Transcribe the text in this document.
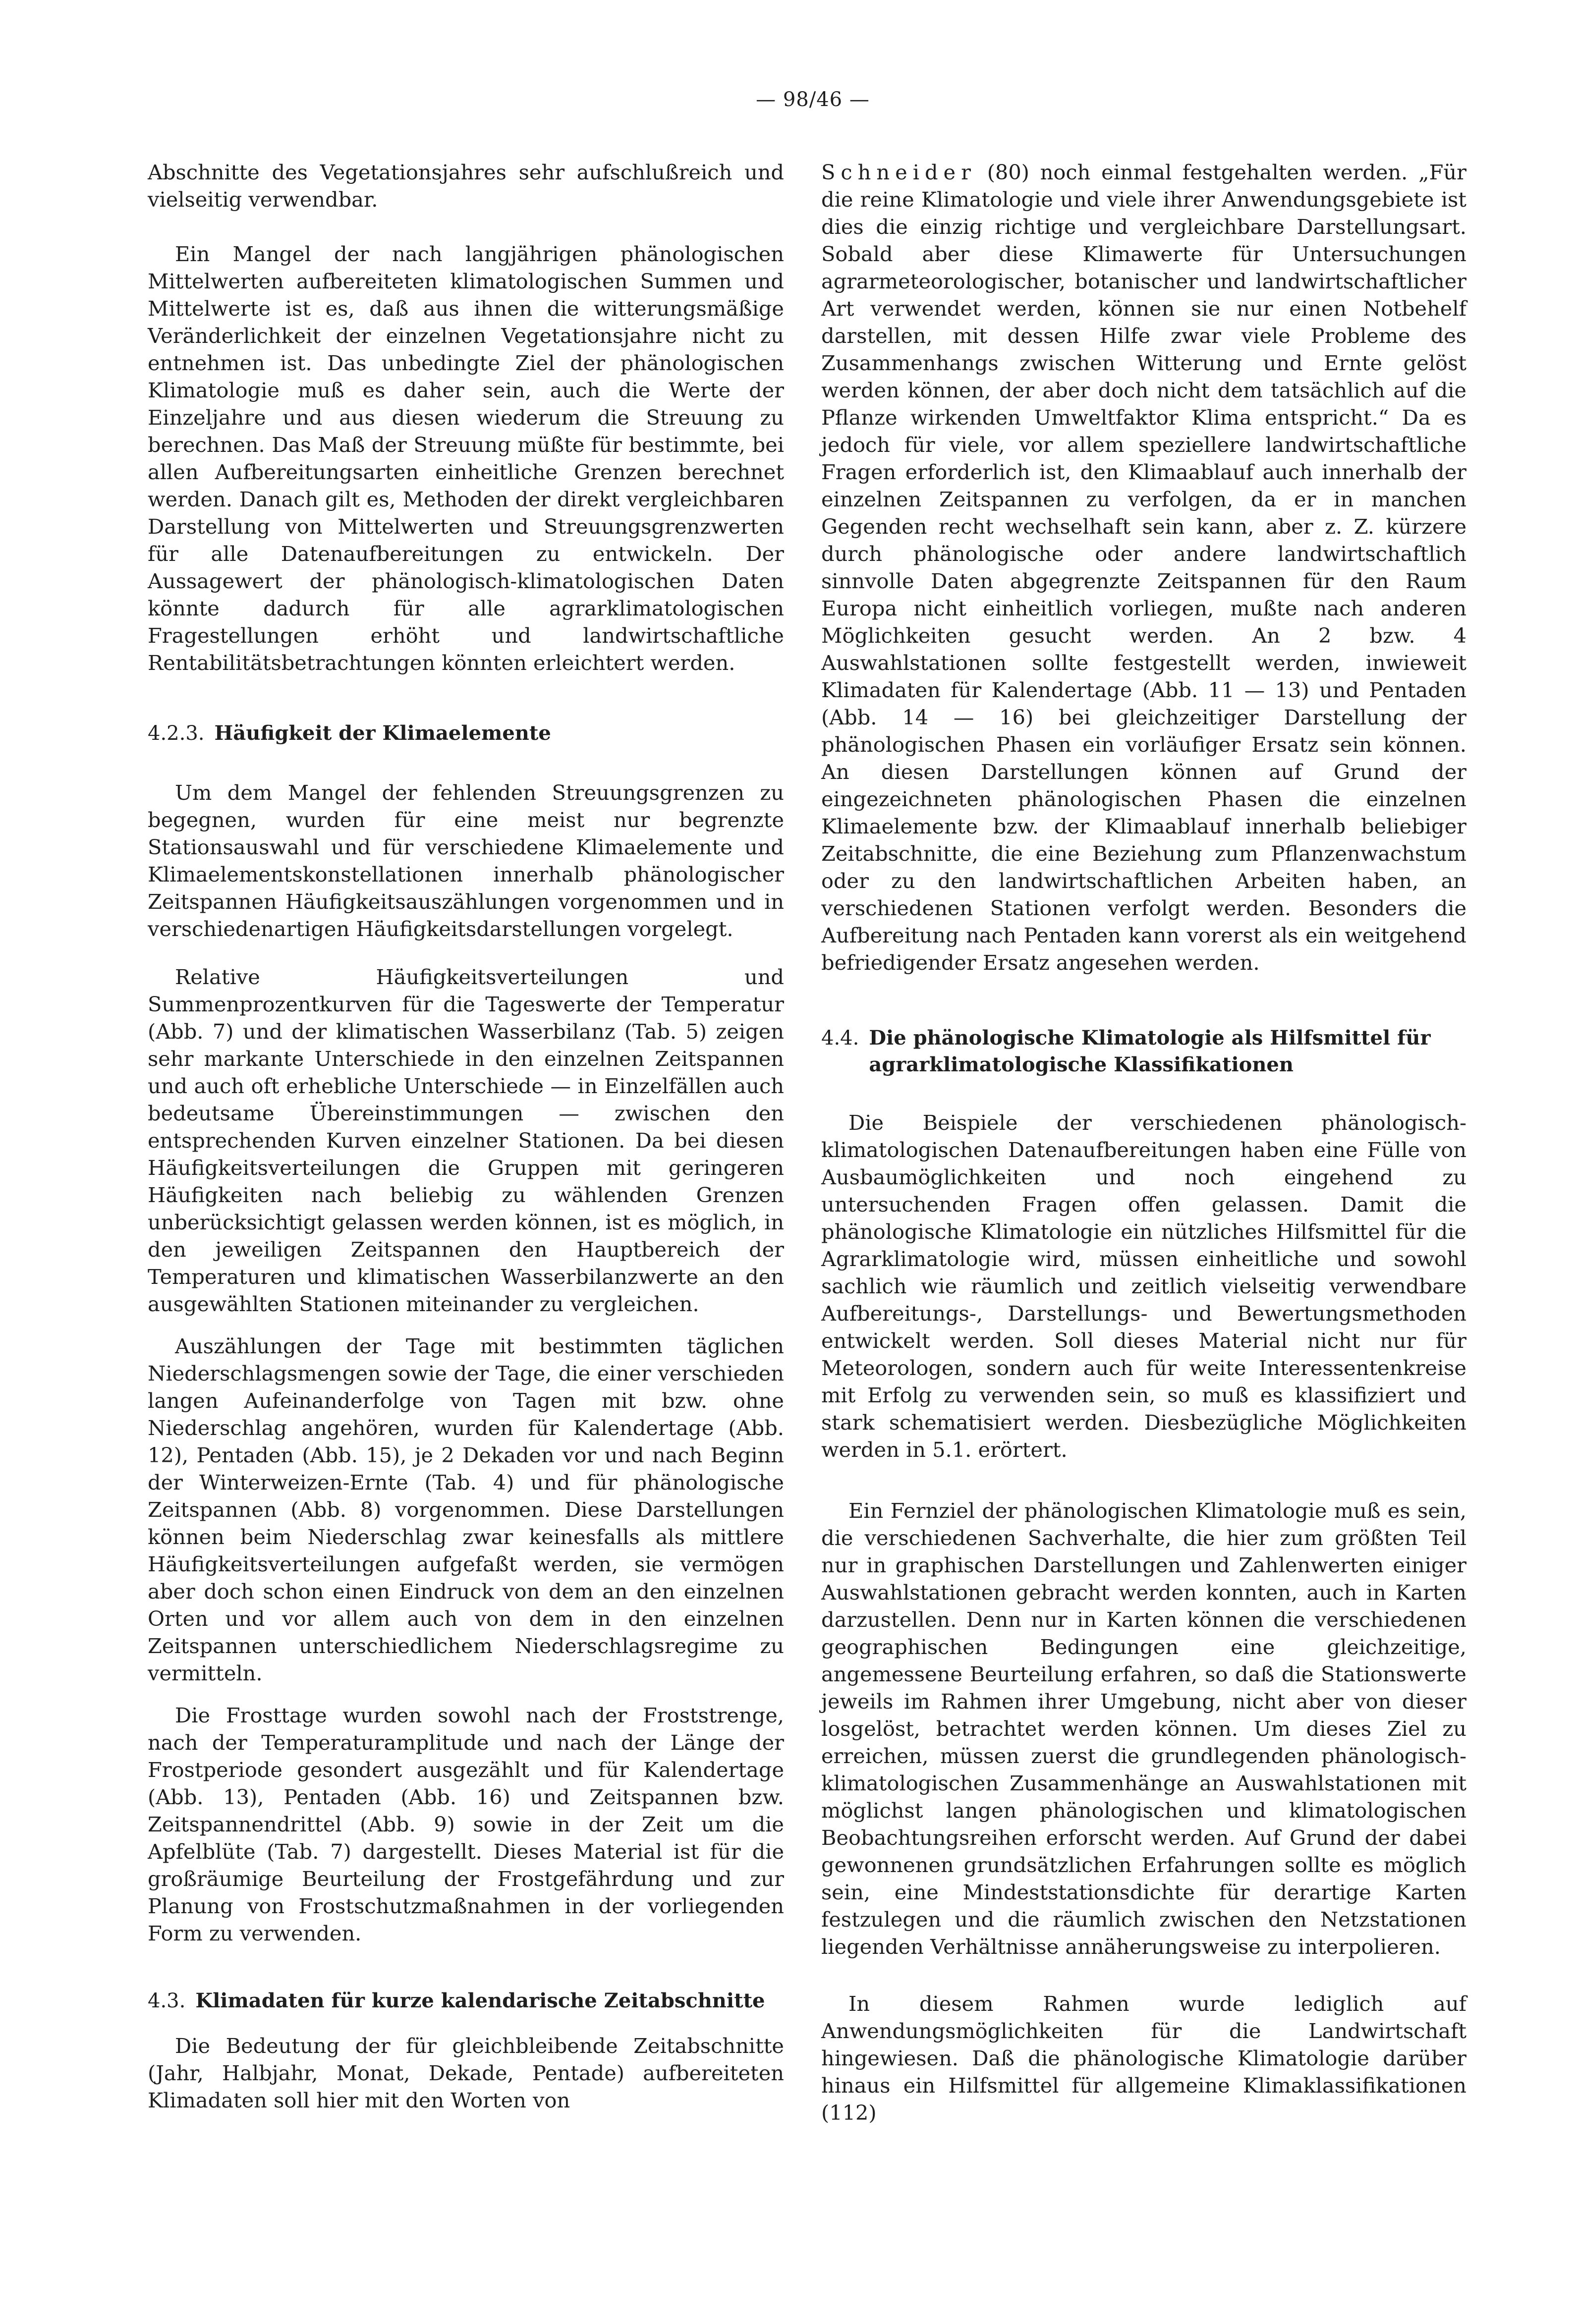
— 98/46 —

Abschnitte des Vegetationsjahres sehr aufschlußreich und vielseitig verwendbar.

Ein Mangel der nach langjährigen phänologischen Mittelwerten aufbereiteten klimatologischen Summen und Mittelwerte ist es, daß aus ihnen die witterungsmäßige Veränderlichkeit der einzelnen Vegetationsjahre nicht zu entnehmen ist. Das unbedingte Ziel der phänologischen Klimatologie muß es daher sein, auch die Werte der Einzeljahre und aus diesen wiederum die Streuung zu berechnen. Das Maß der Streuung müßte für bestimmte, bei allen Aufbereitungsarten einheitliche Grenzen berechnet werden. Danach gilt es, Methoden der direkt vergleichbaren Darstellung von Mittelwerten und Streuungsgrenzwerten für alle Datenaufbereitungen zu entwickeln. Der Aussagewert der phänologisch-klimatologischen Daten könnte dadurch für alle agrarklimatologischen Fragestellungen erhöht und landwirtschaftliche Rentabilitätsbetrachtungen könnten erleichtert werden.

4.2.3. Häufigkeit der Klimaelemente

Um dem Mangel der fehlenden Streuungsgrenzen zu begegnen, wurden für eine meist nur begrenzte Stationsauswahl und für verschiedene Klimaelemente und Klimaelementskonstellationen innerhalb phänologischer Zeitspannen Häufigkeitsauszählungen vorgenommen und in verschiedenartigen Häufigkeitsdarstellungen vorgelegt.

Relative Häufigkeitsverteilungen und Summenprozentkurven für die Tageswerte der Temperatur (Abb. 7) und der klimatischen Wasserbilanz (Tab. 5) zeigen sehr markante Unterschiede in den einzelnen Zeitspannen und auch oft erhebliche Unterschiede — in Einzelfällen auch bedeutsame Übereinstimmungen — zwischen den entsprechenden Kurven einzelner Stationen. Da bei diesen Häufigkeitsverteilungen die Gruppen mit geringeren Häufigkeiten nach beliebig zu wählenden Grenzen unberücksichtigt gelassen werden können, ist es möglich, in den jeweiligen Zeitspannen den Hauptbereich der Temperaturen und klimatischen Wasserbilanzwerte an den ausgewählten Stationen miteinander zu vergleichen.

Auszählungen der Tage mit bestimmten täglichen Niederschlagsmengen sowie der Tage, die einer verschieden langen Aufeinanderfolge von Tagen mit bzw. ohne Niederschlag angehören, wurden für Kalendertage (Abb. 12), Pentaden (Abb. 15), je 2 Dekaden vor und nach Beginn der Winterweizen-Ernte (Tab. 4) und für phänologische Zeitspannen (Abb. 8) vorgenommen. Diese Darstellungen können beim Niederschlag zwar keinesfalls als mittlere Häufigkeitsverteilungen aufgefaßt werden, sie vermögen aber doch schon einen Eindruck von dem an den einzelnen Orten und vor allem auch von dem in den einzelnen Zeitspannen unterschiedlichem Niederschlagsregime zu vermitteln.

Die Frosttage wurden sowohl nach der Froststrenge, nach der Temperaturamplitude und nach der Länge der Frostperiode gesondert ausgezählt und für Kalendertage (Abb. 13), Pentaden (Abb. 16) und Zeitspannen bzw. Zeitspannendrittel (Abb. 9) sowie in der Zeit um die Apfelblüte (Tab. 7) dargestellt. Dieses Material ist für die großräumige Beurteilung der Frostgefährdung und zur Planung von Frostschutzmaßnahmen in der vorliegenden Form zu verwenden.

4.3. Klimadaten für kurze kalendarische Zeitabschnitte

Die Bedeutung der für gleichbleibende Zeitabschnitte (Jahr, Halbjahr, Monat, Dekade, Pentade) aufbereiteten Klimadaten soll hier mit den Worten von

Schneider (80) noch einmal festgehalten werden. „Für die reine Klimatologie und viele ihrer Anwendungsgebiete ist dies die einzig richtige und vergleichbare Darstellungsart. Sobald aber diese Klimawerte für Untersuchungen agrarmeteorologischer, botanischer und landwirtschaftlicher Art verwendet werden, können sie nur einen Notbehelf darstellen, mit dessen Hilfe zwar viele Probleme des Zusammenhangs zwischen Witterung und Ernte gelöst werden können, der aber doch nicht dem tatsächlich auf die Pflanze wirkenden Umweltfaktor Klima entspricht.“ Da es jedoch für viele, vor allem speziellere landwirtschaftliche Fragen erforderlich ist, den Klimaablauf auch innerhalb der einzelnen Zeitspannen zu verfolgen, da er in manchen Gegenden recht wechselhaft sein kann, aber z. Z. kürzere durch phänologische oder andere landwirtschaftlich sinnvolle Daten abgegrenzte Zeitspannen für den Raum Europa nicht einheitlich vorliegen, mußte nach anderen Möglichkeiten gesucht werden. An 2 bzw. 4 Auswahlstationen sollte festgestellt werden, inwieweit Klimadaten für Kalendertage (Abb. 11 — 13) und Pentaden (Abb. 14 — 16) bei gleichzeitiger Darstellung der phänologischen Phasen ein vorläufiger Ersatz sein können. An diesen Darstellungen können auf Grund der eingezeichneten phänologischen Phasen die einzelnen Klimaelemente bzw. der Klimaablauf innerhalb beliebiger Zeitabschnitte, die eine Beziehung zum Pflanzenwachstum oder zu den landwirtschaftlichen Arbeiten haben, an verschiedenen Stationen verfolgt werden. Besonders die Aufbereitung nach Pentaden kann vorerst als ein weitgehend befriedigender Ersatz angesehen werden.

4.4. Die phänologische Klimatologie als Hilfsmittel für agrarklimatologische Klassifikationen

Die Beispiele der verschiedenen phänologisch-klimatologischen Datenaufbereitungen haben eine Fülle von Ausbaumöglichkeiten und noch eingehend zu untersuchenden Fragen offen gelassen. Damit die phänologische Klimatologie ein nützliches Hilfsmittel für die Agrarklimatologie wird, müssen einheitliche und sowohl sachlich wie räumlich und zeitlich vielseitig verwendbare Aufbereitungs-, Darstellungs- und Bewertungsmethoden entwickelt werden. Soll dieses Material nicht nur für Meteorologen, sondern auch für weite Interessentenkreise mit Erfolg zu verwenden sein, so muß es klassifiziert und stark schematisiert werden. Diesbezügliche Möglichkeiten werden in 5.1. erörtert.

Ein Fernziel der phänologischen Klimatologie muß es sein, die verschiedenen Sachverhalte, die hier zum größten Teil nur in graphischen Darstellungen und Zahlenwerten einiger Auswahlstationen gebracht werden konnten, auch in Karten darzustellen. Denn nur in Karten können die verschiedenen geographischen Bedingungen eine gleichzeitige, angemessene Beurteilung erfahren, so daß die Stationswerte jeweils im Rahmen ihrer Umgebung, nicht aber von dieser losgelöst, betrachtet werden können. Um dieses Ziel zu erreichen, müssen zuerst die grundlegenden phänologisch-klimatologischen Zusammenhänge an Auswahlstationen mit möglichst langen phänologischen und klimatologischen Beobachtungsreihen erforscht werden. Auf Grund der dabei gewonnenen grundsätzlichen Erfahrungen sollte es möglich sein, eine Mindeststationsdichte für derartige Karten festzulegen und die räumlich zwischen den Netzstationen liegenden Verhältnisse annäherungsweise zu interpolieren.

In diesem Rahmen wurde lediglich auf Anwendungsmöglichkeiten für die Landwirtschaft hingewiesen. Daß die phänologische Klimatologie darüber hinaus ein Hilfsmittel für allgemeine Klimaklassifikationen (112)
